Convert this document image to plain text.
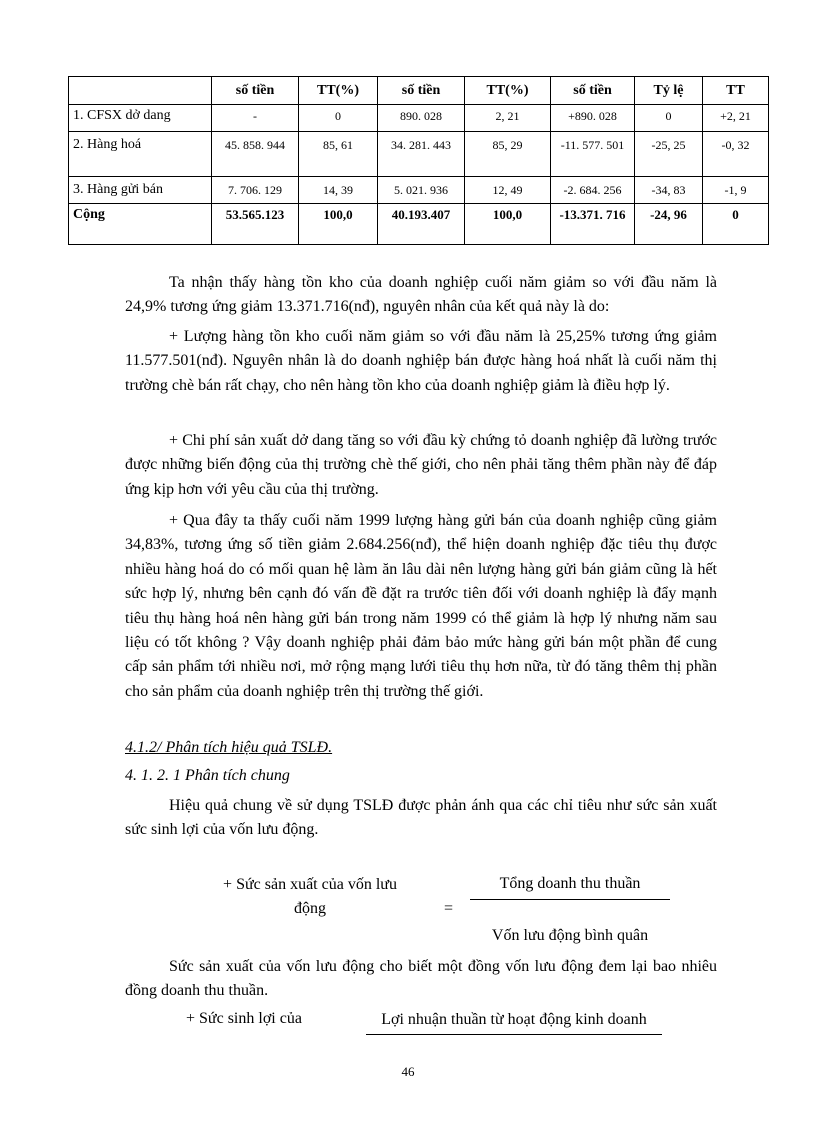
	số tiền	TT(%)	số tiền	TT(%)	số tiền	Tỷ lệ	TT
1. CFSX dở dang	-	0	890. 028	2, 21	+890. 028	0	+2, 21
2. Hàng hoá	45. 858. 944	85, 61	34. 281. 443	85, 29	-11. 577. 501	-25, 25	-0, 32
3. Hàng gửi bán	7. 706. 129	14, 39	5. 021. 936	12, 49	-2. 684. 256	-34, 83	-1, 9
Cộng	53.565.123	100,0	40.193.407	100,0	-13.371. 716	-24, 96	0

Ta nhận thấy hàng tồn kho của doanh nghiệp cuối năm giảm so với đầu năm là 24,9% tương ứng giảm 13.371.716(nđ), nguyên nhân của kết quả này là do:

+ Lượng hàng tồn kho cuối năm giảm so với đầu năm là 25,25% tương ứng giảm 11.577.501(nđ). Nguyên nhân là do doanh nghiệp bán được hàng hoá nhất là cuối năm thị trường chè bán rất chạy, cho nên hàng tồn kho của doanh nghiệp giảm là điều hợp lý.

+ Chi phí sản xuất dở dang tăng so với đầu kỳ chứng tỏ doanh nghiệp đã lường trước được những biến động của thị trường chè thế giới, cho nên phải tăng thêm phần này để đáp ứng kịp hơn với yêu cầu của thị trường.

+ Qua đây ta thấy cuối năm 1999 lượng hàng gửi bán của doanh nghiệp cũng giảm 34,83%, tương ứng số tiền giảm 2.684.256(nđ), thể hiện doanh nghiệp đặc tiêu thụ được nhiều hàng hoá do có mối quan hệ làm ăn lâu dài nên lượng hàng gửi bán giảm cũng là hết sức hợp lý, nhưng bên cạnh đó vấn đề đặt ra trước tiên đối với doanh nghiệp là đẩy mạnh tiêu thụ hàng hoá nên hàng gửi bán trong năm 1999 có thể giảm là hợp lý nhưng năm sau liệu có tốt không ? Vậy doanh nghiệp phải đảm bảo mức hàng gửi bán một phần để cung cấp sản phẩm tới nhiều nơi, mở rộng mạng lưới tiêu thụ hơn nữa, từ đó tăng thêm thị phần cho sản phẩm của doanh nghiệp trên thị trường thế giới.

4.1.2/ Phân tích hiệu quả TSLĐ.
4. 1. 2. 1 Phân tích chung

Hiệu quả chung về sử dụng TSLĐ được phản ánh qua các chỉ tiêu như sức sản xuất sức sinh lợi của vốn lưu động.

+ Sức sản xuất của vốn lưu
động	=
Tổng doanh thu thuần
Vốn lưu động bình quân

Sức sản xuất của vốn lưu động cho biết một đồng vốn lưu động đem lại bao nhiêu đồng doanh thu thuần.

+ Sức sinh lợi của	Lợi nhuận thuần từ hoạt động kinh doanh
46
